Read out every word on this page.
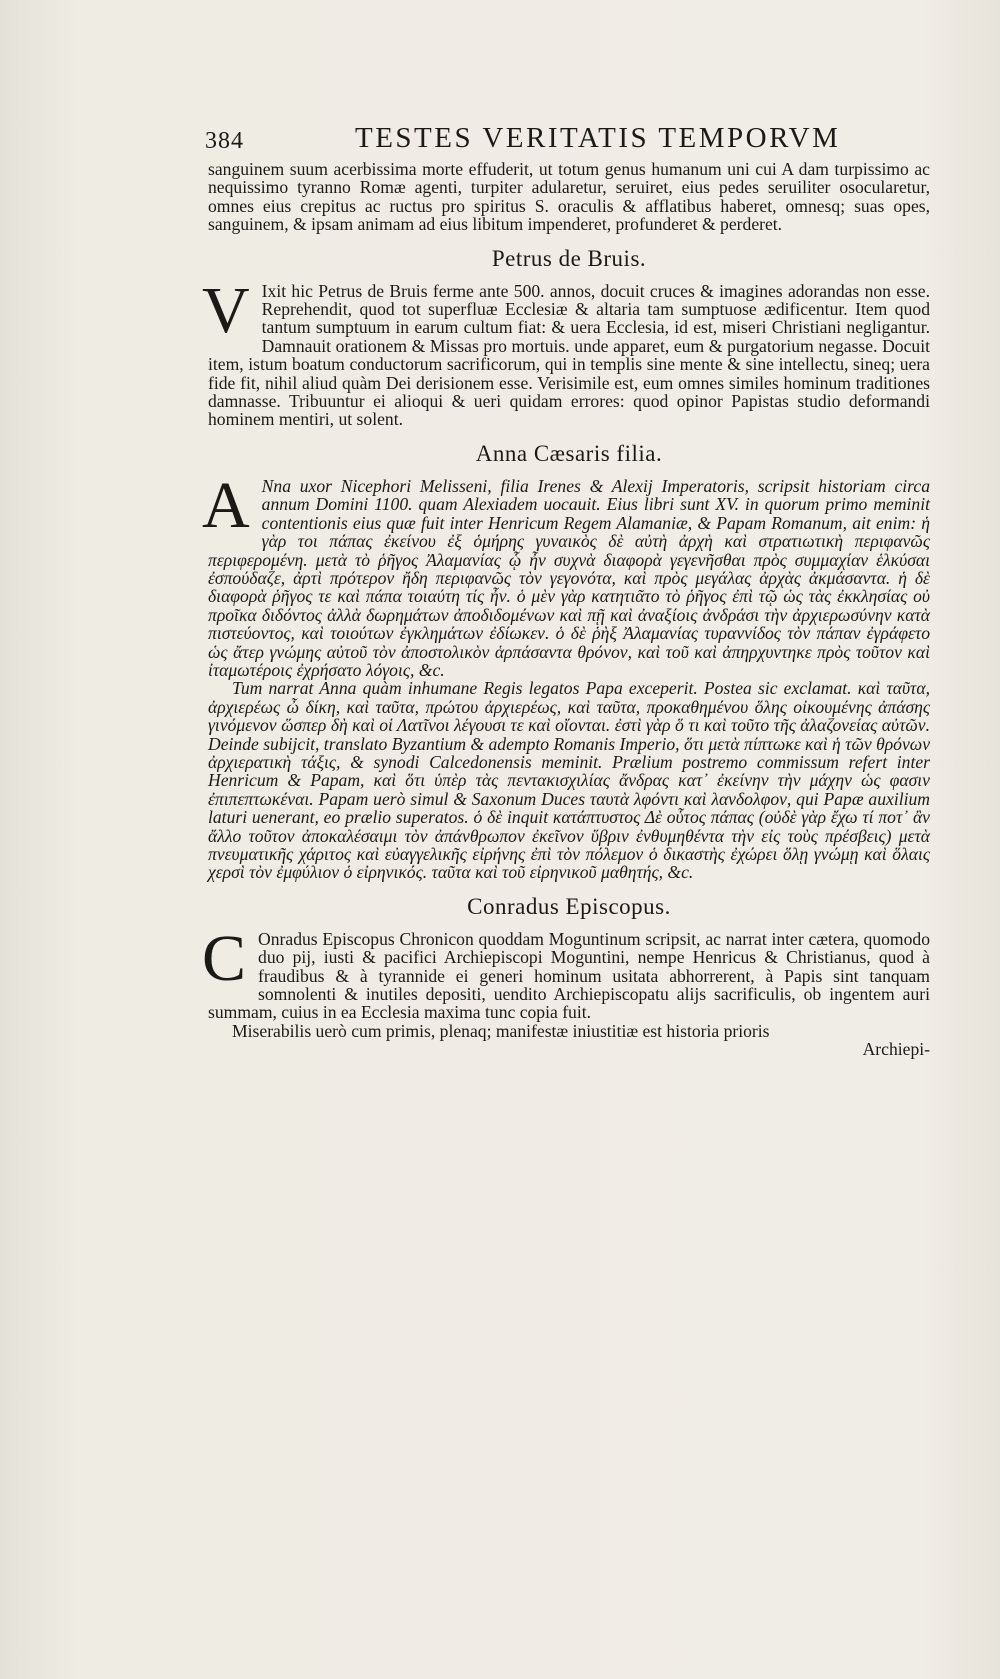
384	TESTES VERITATIS TEMPORVM

sanguinem suum acerbissima morte effuderit, ut totum genus humanum uni cui A dam turpissimo ac nequissimo tyranno Romæ agenti, turpiter adularetur, seruiret, eius pedes seruiliter osocularetur, omnes eius crepitus ac ructus pro spiritus S. oraculis & afflatibus haberet, omnesq; suas opes, sanguinem, & ipsam animam ad eius libitum impenderet, profunderet & perderet.

Petrus de Bruis.
V Ixit hic Petrus de Bruis ferme ante 500. annos, docuit cruces & imagines adorandas non esse. Reprehendit, quod tot superfluæ Ecclesiæ & altaria tam sumptuose ædificentur. Item quod tantum sumptuum in earum cultum fiat: & uera Ecclesia, id est, miseri Christiani negligantur. Damnauit orationem & Missas pro mortuis. unde apparet, eum & purgatorium negasse. Docuit item, istum boatum conductorum sacrificorum, qui in templis sine mente & sine intellectu, sineq; uera fide fit, nihil aliud quàm Dei derisionem esse. Verisimile est, eum omnes similes hominum traditiones damnasse. Tribuuntur ei alioqui & ueri quidam errores: quod opinor Papistas studio deformandi hominem mentiri, ut solent.

Anna Cæsaris filia.
A Nna uxor Nicephori Melisseni, filia Irenes & Alexij Imperatoris, scripsit historiam circa annum Domini 1100. quam Alexiadem uocauit. Eius libri sunt XV. in quorum primo meminit contentionis eius quæ fuit inter Henricum Regem Alamaniæ, & Papam Romanum, ait enim: ἡ γὰρ τοι πάπας ἐκείνου ἐξ ὁμήρης γυναικὸς δὲ αὐτὴ ἀρχὴ καὶ στρατιωτικὴ περιφανῶς περιφερομένη. μετὰ τὸ ῥῆγος Ἀλαμανίας ᾧ ἦν συχνὰ διαφορὰ γεγενῆσθαι πρὸς συμμαχίαν ἑλκύσαι ἐσπούδαζε, ἀρτὶ πρότερον ἤδη περιφανῶς τὸν γεγονότα, καὶ πρὸς μεγάλας ἀρχὰς ἀκμάσαντα. ἡ δὲ διαφορὰ ῥῆγος τε καὶ πάπα τοιαύτη τίς ἦν. ὁ μὲν γὰρ κατητιᾶτο τὸ ῥῆγος ἐπὶ τῷ ὡς τὰς ἐκκλησίας οὐ προῖκα διδόντος ἀλλὰ δωρημάτων ἀποδιδομένων καὶ πῇ καὶ ἀναξίοις ἀνδράσι τὴν ἀρχιερωσύνην κατὰ πιστεύοντος, καὶ τοιούτων ἐγκλημάτων ἐδίωκεν. ὁ δὲ ῥὴξ Ἀλαμανίας τυραννίδος τὸν πάπαν ἐγράφετο ὡς ἄτερ γνώμης αὐτοῦ τὸν ἀποστολικὸν ἁρπάσαντα θρόνον, καὶ τοῦ καὶ ἀπηρχυντηκε πρὸς τοῦτον καὶ ἰταμωτέροις ἐχρήσατο λόγοις, &c.

Tum narrat Anna quàm inhumane Regis legatos Papa exceperit. Postea sic exclamat. καὶ ταῦτα, ἀρχιερέως ὦ δίκη, καὶ ταῦτα, πρώτου ἀρχιερέως, καὶ ταῦτα, προκαθημένου ὅλης οἰκουμένης ἀπάσης γινόμενον ὥσπερ δὴ καὶ οἱ Λατῖνοι λέγουσι τε καὶ οἴονται. ἐστὶ γὰρ ὅ τι καὶ τοῦτο τῆς ἀλαζονείας αὐτῶν. Deinde subijcit, translato Byzantium & adempto Romanis Imperio, ὅτι μετὰ πίπτωκε καὶ ἡ τῶν θρόνων ἀρχιερατικὴ τάξις, & synodi Calcedonensis meminit. Prælium postremo commissum refert inter Henricum & Papam, καὶ ὅτι ὑπὲρ τὰς πεντακισχιλίας ἄνδρας κατ᾽ ἐκείνην τὴν μάχην ὡς φασιν ἐπιπεπτωκέναι. Papam uerò simul & Saxonum Duces ταυτὰ λφόντι καὶ λανδολφον, qui Papæ auxilium laturi uenerant, eo prælio superatos. ὁ δὲ inquit κατάπτυστος Δὲ οὗτος πάπας (οὐδὲ γὰρ ἔχω τί ποτ᾽ ἂν ἄλλο τοῦτον ἀποκαλέσαιμι τὸν ἀπάνθρωπον ἐκεῖνον ὕβριν ἐνθυμηθέντα τὴν εἰς τοὺς πρέσβεις) μετὰ πνευματικῆς χάριτος καὶ εὐαγγελικῆς εἰρήνης ἐπὶ τὸν πόλεμον ὁ δικαστὴς ἐχώρει ὅλῃ γνώμῃ καὶ ὅλαις χερσὶ τὸν ἐμφύλιον ὁ εἰρηνικός. ταῦτα καὶ τοῦ εἰρηνικοῦ μαθητής, &c.

Conradus Episcopus.
C Onradus Episcopus Chronicon quoddam Moguntinum scripsit, ac narrat inter cætera, quomodo duo pij, iusti & pacifici Archiepiscopi Moguntini, nempe Henricus & Christianus, quod à fraudibus & à tyrannide ei generi hominum usitata abhorrerent, à Papis sint tanquam somnolenti & inutiles depositi, uendito Archiepiscopatu alijs sacrificulis, ob ingentem auri summam, cuius in ea Ecclesia maxima tunc copia fuit.

Miserabilis uerò cum primis, plenaq; manifestæ iniustitiæ est historia prioris

Archiepi-
